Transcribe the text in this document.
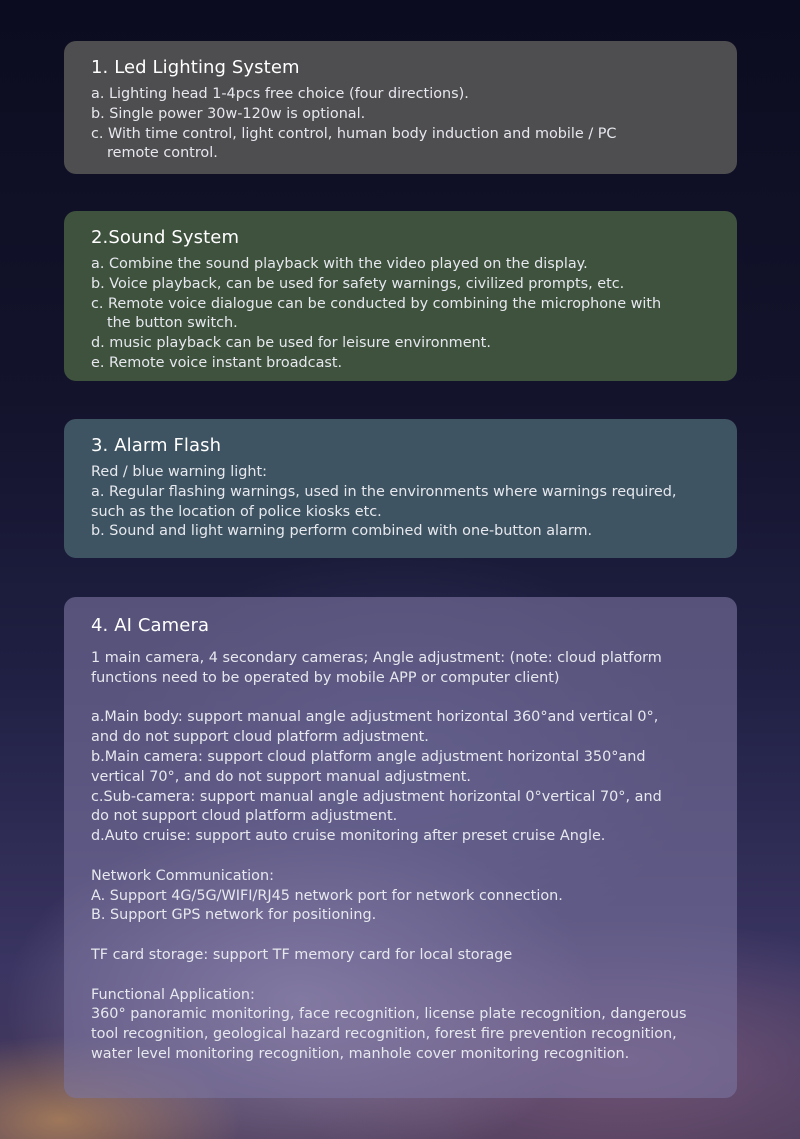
1. Led Lighting System
a. Lighting head 1-4pcs free choice (four directions).
b. Single power 30w-120w is optional.
c. With time control, light control, human body induction and mobile / PC
remote control.
2.Sound System
a. Combine the sound playback with the video played on the display.
b. Voice playback, can be used for safety warnings, civilized prompts, etc.
c. Remote voice dialogue can be conducted by combining the microphone with
the button switch.
d. music playback can be used for leisure environment.
e. Remote voice instant broadcast.
3. Alarm Flash
Red / blue warning light:
a. Regular flashing warnings, used in the environments where warnings required,
such as the location of police kiosks etc.
b. Sound and light warning perform combined with one-button alarm.
4. AI Camera
1 main camera, 4 secondary cameras; Angle adjustment: (note: cloud platform
functions need to be operated by mobile APP or computer client)
a.Main body: support manual angle adjustment horizontal 360°and vertical 0°,
and do not support cloud platform adjustment.
b.Main camera: support cloud platform angle adjustment horizontal 350°and
vertical 70°, and do not support manual adjustment.
c.Sub-camera: support manual angle adjustment horizontal 0°vertical 70°, and
do not support cloud platform adjustment.
d.Auto cruise: support auto cruise monitoring after preset cruise Angle.
Network Communication:
A. Support 4G/5G/WIFI/RJ45 network port for network connection.
B. Support GPS network for positioning.
TF card storage: support TF memory card for local storage
Functional Application:
360° panoramic monitoring, face recognition, license plate recognition, dangerous
tool recognition, geological hazard recognition, forest fire prevention recognition,
water level monitoring recognition, manhole cover monitoring recognition.
